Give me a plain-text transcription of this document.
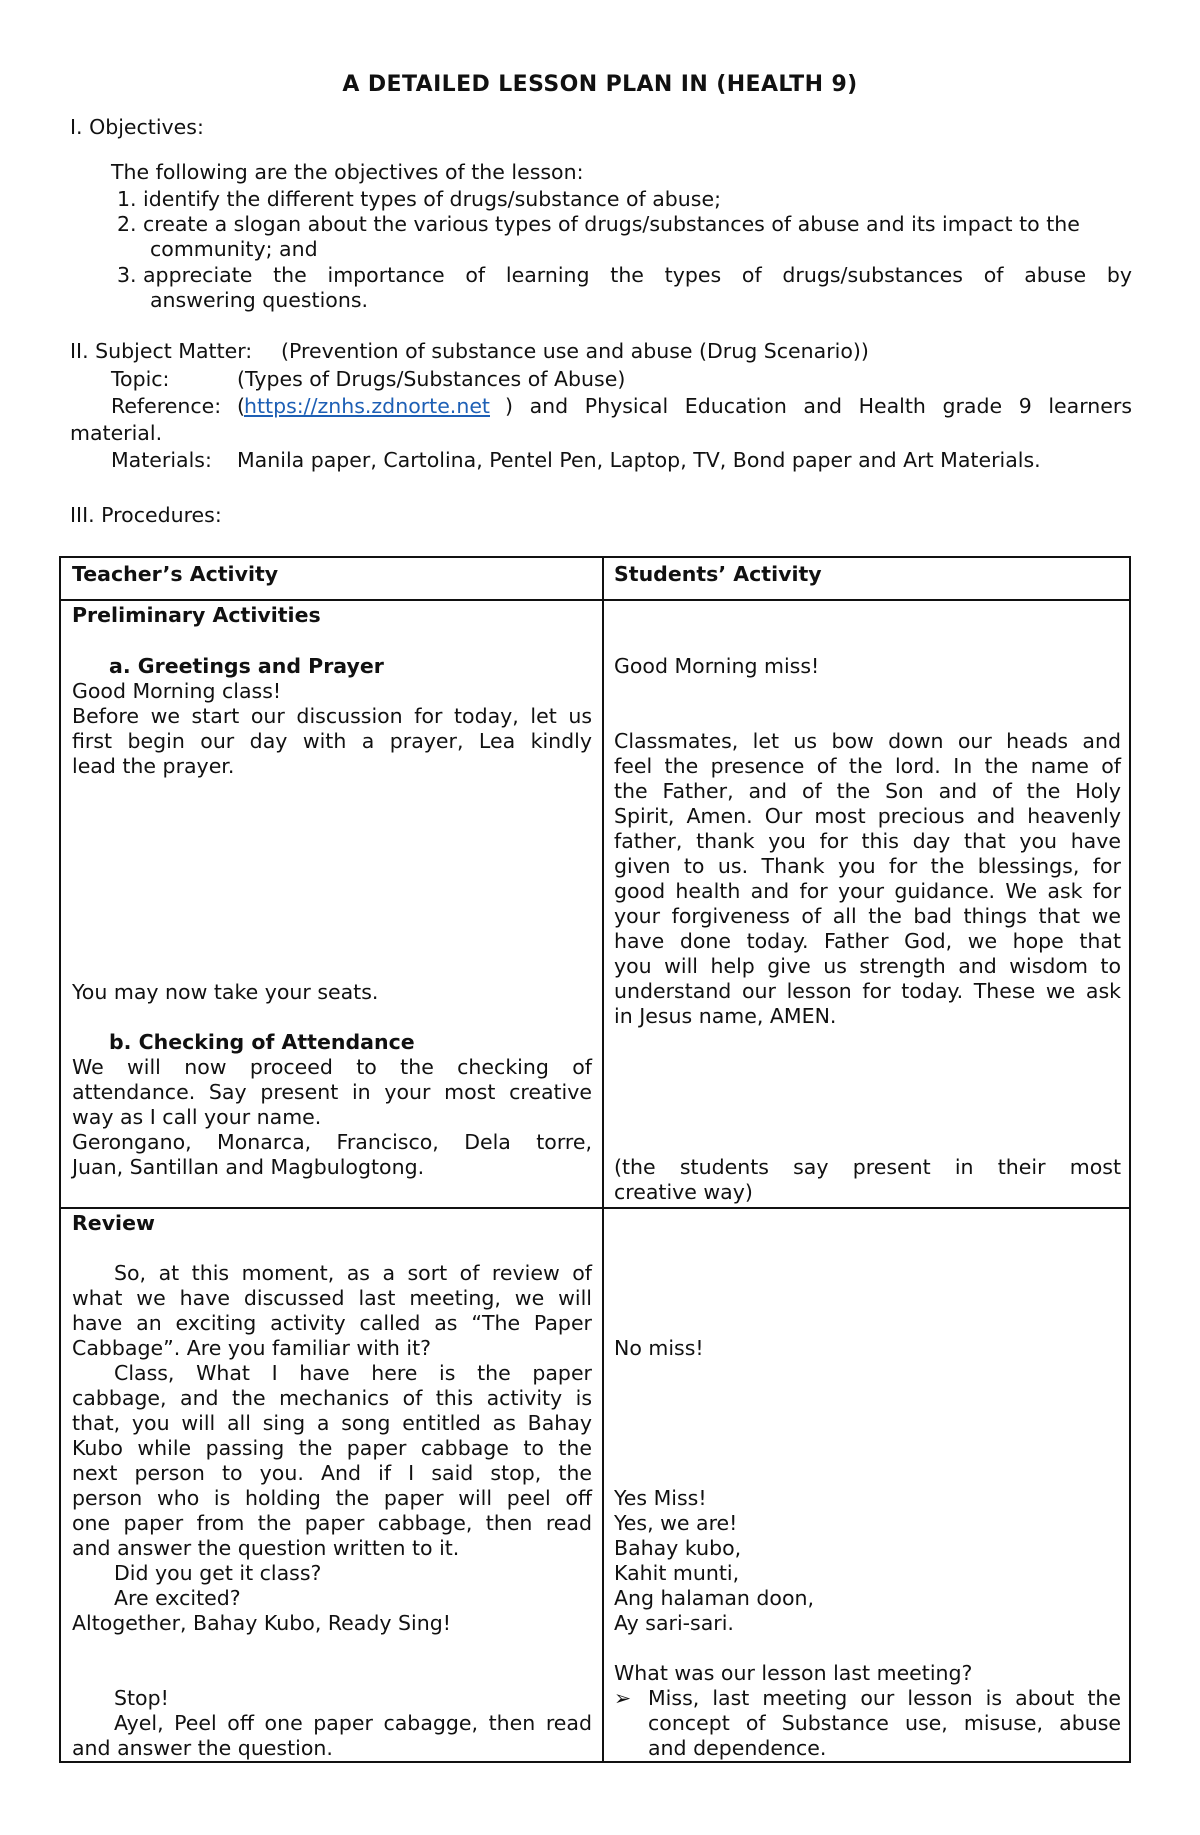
A DETAILED LESSON PLAN IN (HEALTH 9)
I. Objectives:
The following are the objectives of the lesson:
1. identify the different types of drugs/substance of abuse;
2. create a slogan about the various types of drugs/substances of abuse and its impact to the
community; and
3. appreciate the importance of learning the types of drugs/substances of abuse by
answering questions.
II. Subject Matter: (Prevention of substance use and abuse (Drug Scenario))
Topic:	(Types of Drugs/Substances of Abuse)
Reference: ( https://znhs.zdnorte.net ) and Physical Education and Health grade 9 learners
material.
Materials: Manila paper, Cartolina, Pentel Pen, Laptop, TV, Bond paper and Art Materials.
III. Procedures:
Teacher’s Activity	Students’ Activity
Preliminary Activities
a. Greetings and Prayer
Good Morning class!
Before we start our discussion for today, let us
first begin our day with a prayer, Lea kindly
lead the prayer.
You may now take your seats.
b. Checking of Attendance
We will now proceed to the checking of
attendance. Say present in your most creative
way as I call your name.
Gerongano, Monarca, Francisco, Dela torre,
Juan, Santillan and Magbulogtong.
Good Morning miss!
Classmates, let us bow down our heads and
feel the presence of the lord. In the name of
the Father, and of the Son and of the Holy
Spirit, Amen. Our most precious and heavenly
father, thank you for this day that you have
given to us. Thank you for the blessings, for
good health and for your guidance. We ask for
your forgiveness of all the bad things that we
have done today. Father God, we hope that
you will help give us strength and wisdom to
understand our lesson for today. These we ask
in Jesus name, AMEN.
(the students say present in their most
creative way)
Review
So, at this moment, as a sort of review of
what we have discussed last meeting, we will
have an exciting activity called as “The Paper
Cabbage”. Are you familiar with it?
Class, What I have here is the paper
cabbage, and the mechanics of this activity is
that, you will all sing a song entitled as Bahay
Kubo while passing the paper cabbage to the
next person to you. And if I said stop, the
person who is holding the paper will peel off
one paper from the paper cabbage, then read
and answer the question written to it.
Did you get it class?
Are excited?
Altogether, Bahay Kubo, Ready Sing!
Stop!
Ayel, Peel off one paper cabagge, then read
and answer the question.
No miss!
Yes Miss!
Yes, we are!
Bahay kubo,
Kahit munti,
Ang halaman doon,
Ay sari-sari.
What was our lesson last meeting?
➢ Miss, last meeting our lesson is about the
concept of Substance use, misuse, abuse
and dependence.
